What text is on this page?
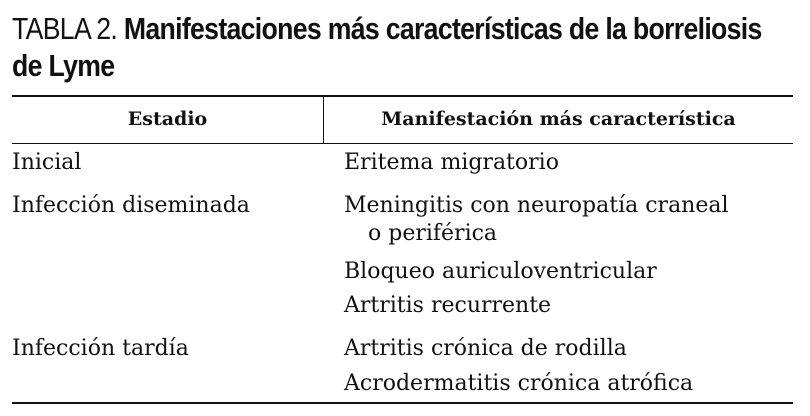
TABLA 2. Manifestaciones más características de la borreliosis
de Lyme
Estadio	Manifestación más característica
Inicial	Eritema migratorio
Infección diseminada	Meningitis con neuropatía craneal
o periférica
Bloqueo auriculoventricular
Artritis recurrente
Infección tardía	Artritis crónica de rodilla
Acrodermatitis crónica atrófica
